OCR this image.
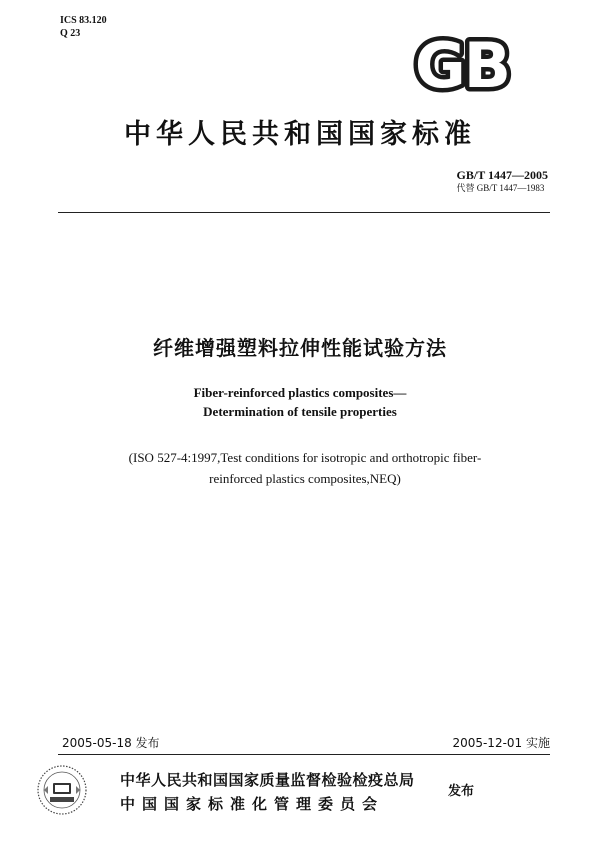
ICS 83.120
Q 23	GB
中华人民共和国国家标准
GB/T 1447—2005
代替 GB/T 1447—1983
纤维增强塑料拉伸性能试验方法
Fiber-reinforced plastics composites—
Determination of tensile properties
(ISO 527-4:1997,Test conditions for isotropic and orthotropic fiber-
reinforced plastics composites,NEQ)
2005-05-18 发布	2005-12-01 实施
中华人民共和国国家质量监督检验检疫总局
中国国家标准化管理委员会
发布
